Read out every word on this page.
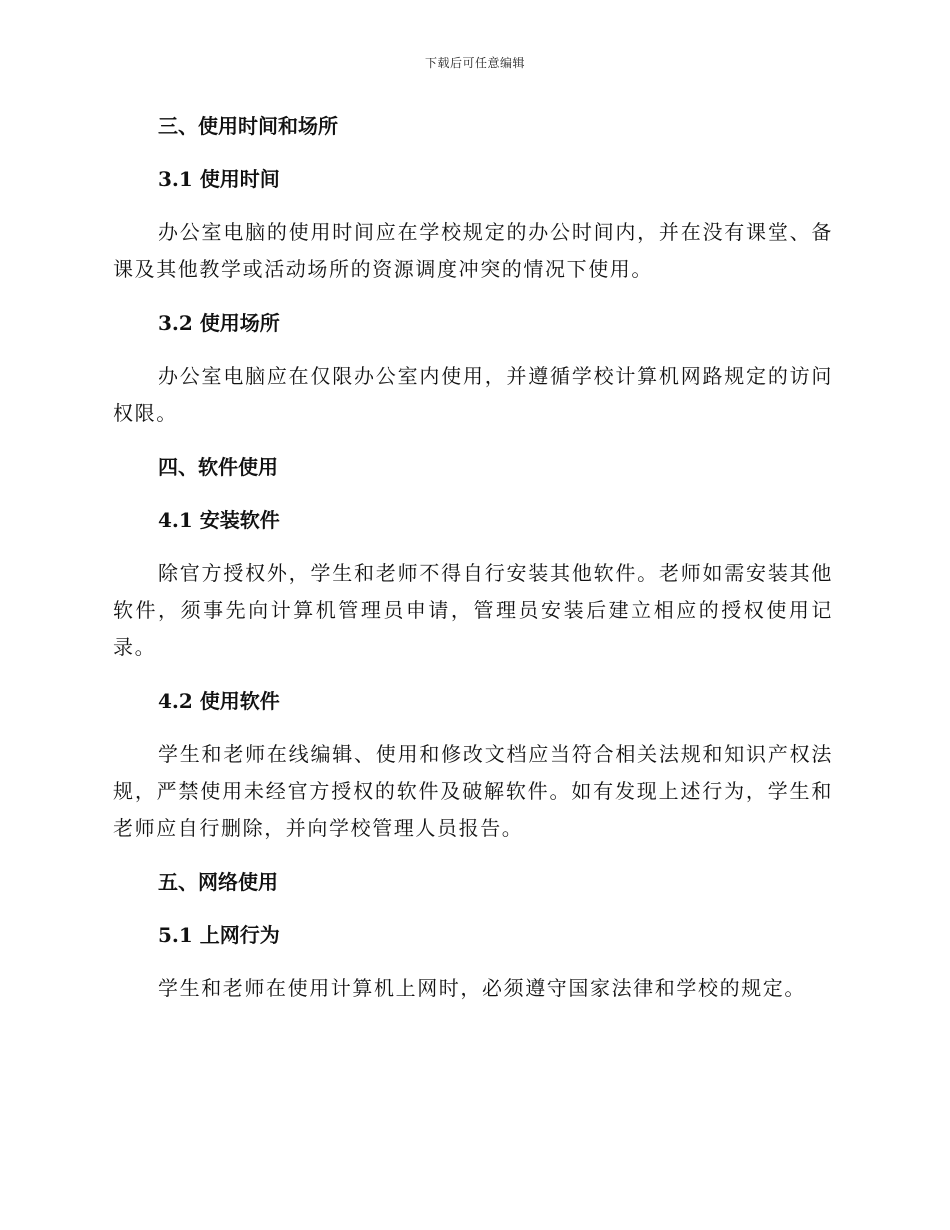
下载后可任意编辑
三、使用时间和场所
3.1 使用时间

办公室电脑的使用时间应在学校规定的办公时间内，并在没有课堂、备课及其他教学或活动场所的资源调度冲突的情况下使用。

3.2 使用场所

办公室电脑应在仅限办公室内使用，并遵循学校计算机网路规定的访问权限。

四、软件使用
4.1 安装软件

除官方授权外，学生和老师不得自行安装其他软件。老师如需安装其他软件，须事先向计算机管理员申请，管理员安装后建立相应的授权使用记录。

4.2 使用软件

学生和老师在线编辑、使用和修改文档应当符合相关法规和知识产权法规，严禁使用未经官方授权的软件及破解软件。如有发现上述行为，学生和老师应自行删除，并向学校管理人员报告。

五、网络使用
5.1 上网行为

学生和老师在使用计算机上网时，必须遵守国家法律和学校的规定。
